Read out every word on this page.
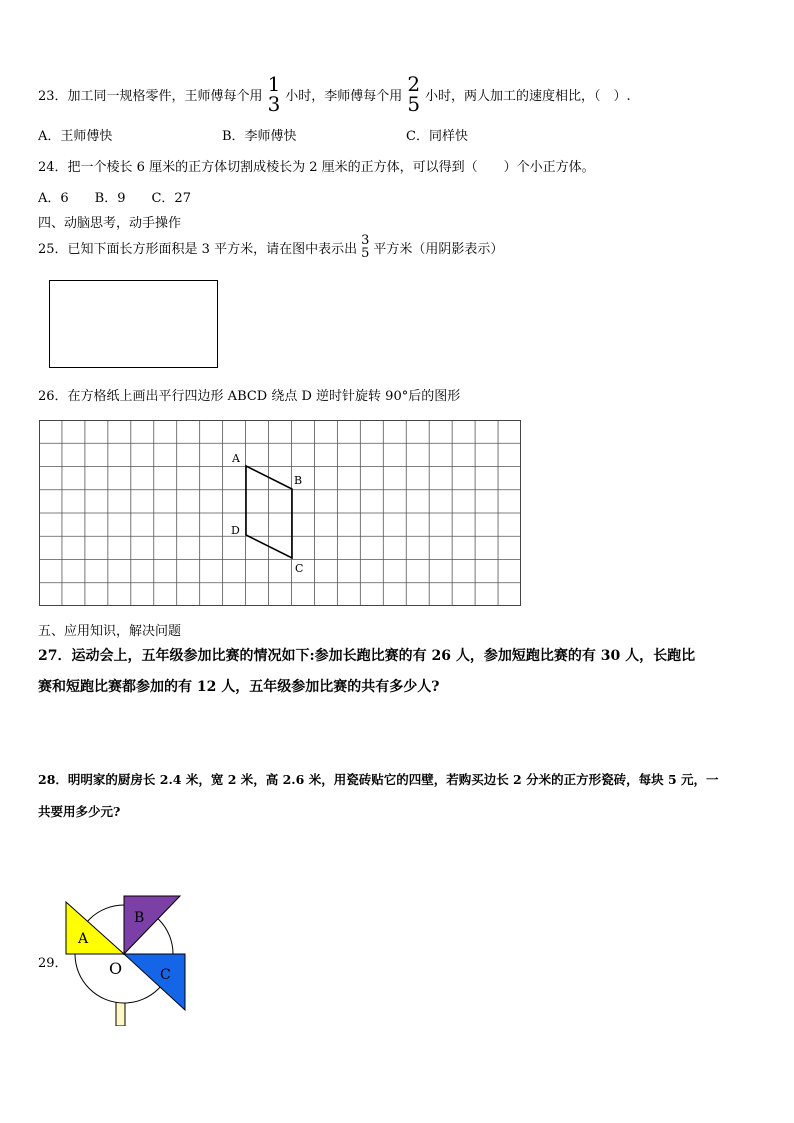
23． 加工同一规格零件，王师傅每个用 1
3 小时，李师傅每个用 2
5 小时，两人加工的速度相比，（　）.
A．王师傅快	B．李师傅快	C．同样快
24．把一个棱长 6 厘米的正方体切割成棱长为 2 厘米的正方体，可以得到（　　）个小正方体。
A．6　　B．9　　C．27
四、动脑思考，动手操作
25． 已知下面长方形面积是 3 平方米，请在图中表示出
3
5 平方米（用阴影表示）
26．在方格纸上画出平行四边形 ABCD 绕点 D 逆时针旋转 90°后的图形
A
B
C
D
五、应用知识，解决问题
27．运动会上，五年级参加比赛的情况如下:参加长跑比赛的有 26 人，参加短跑比赛的有 30 人，长跑比
赛和短跑比赛都参加的有 12 人，五年级参加比赛的共有多少人?
28．明明家的厨房长 2.4 米，宽 2 米，高 2.6 米，用瓷砖贴它的四壁，若购买边长 2 分米的正方形瓷砖，每块 5 元，一
共要用多少元?
29．
A
B
C
O
